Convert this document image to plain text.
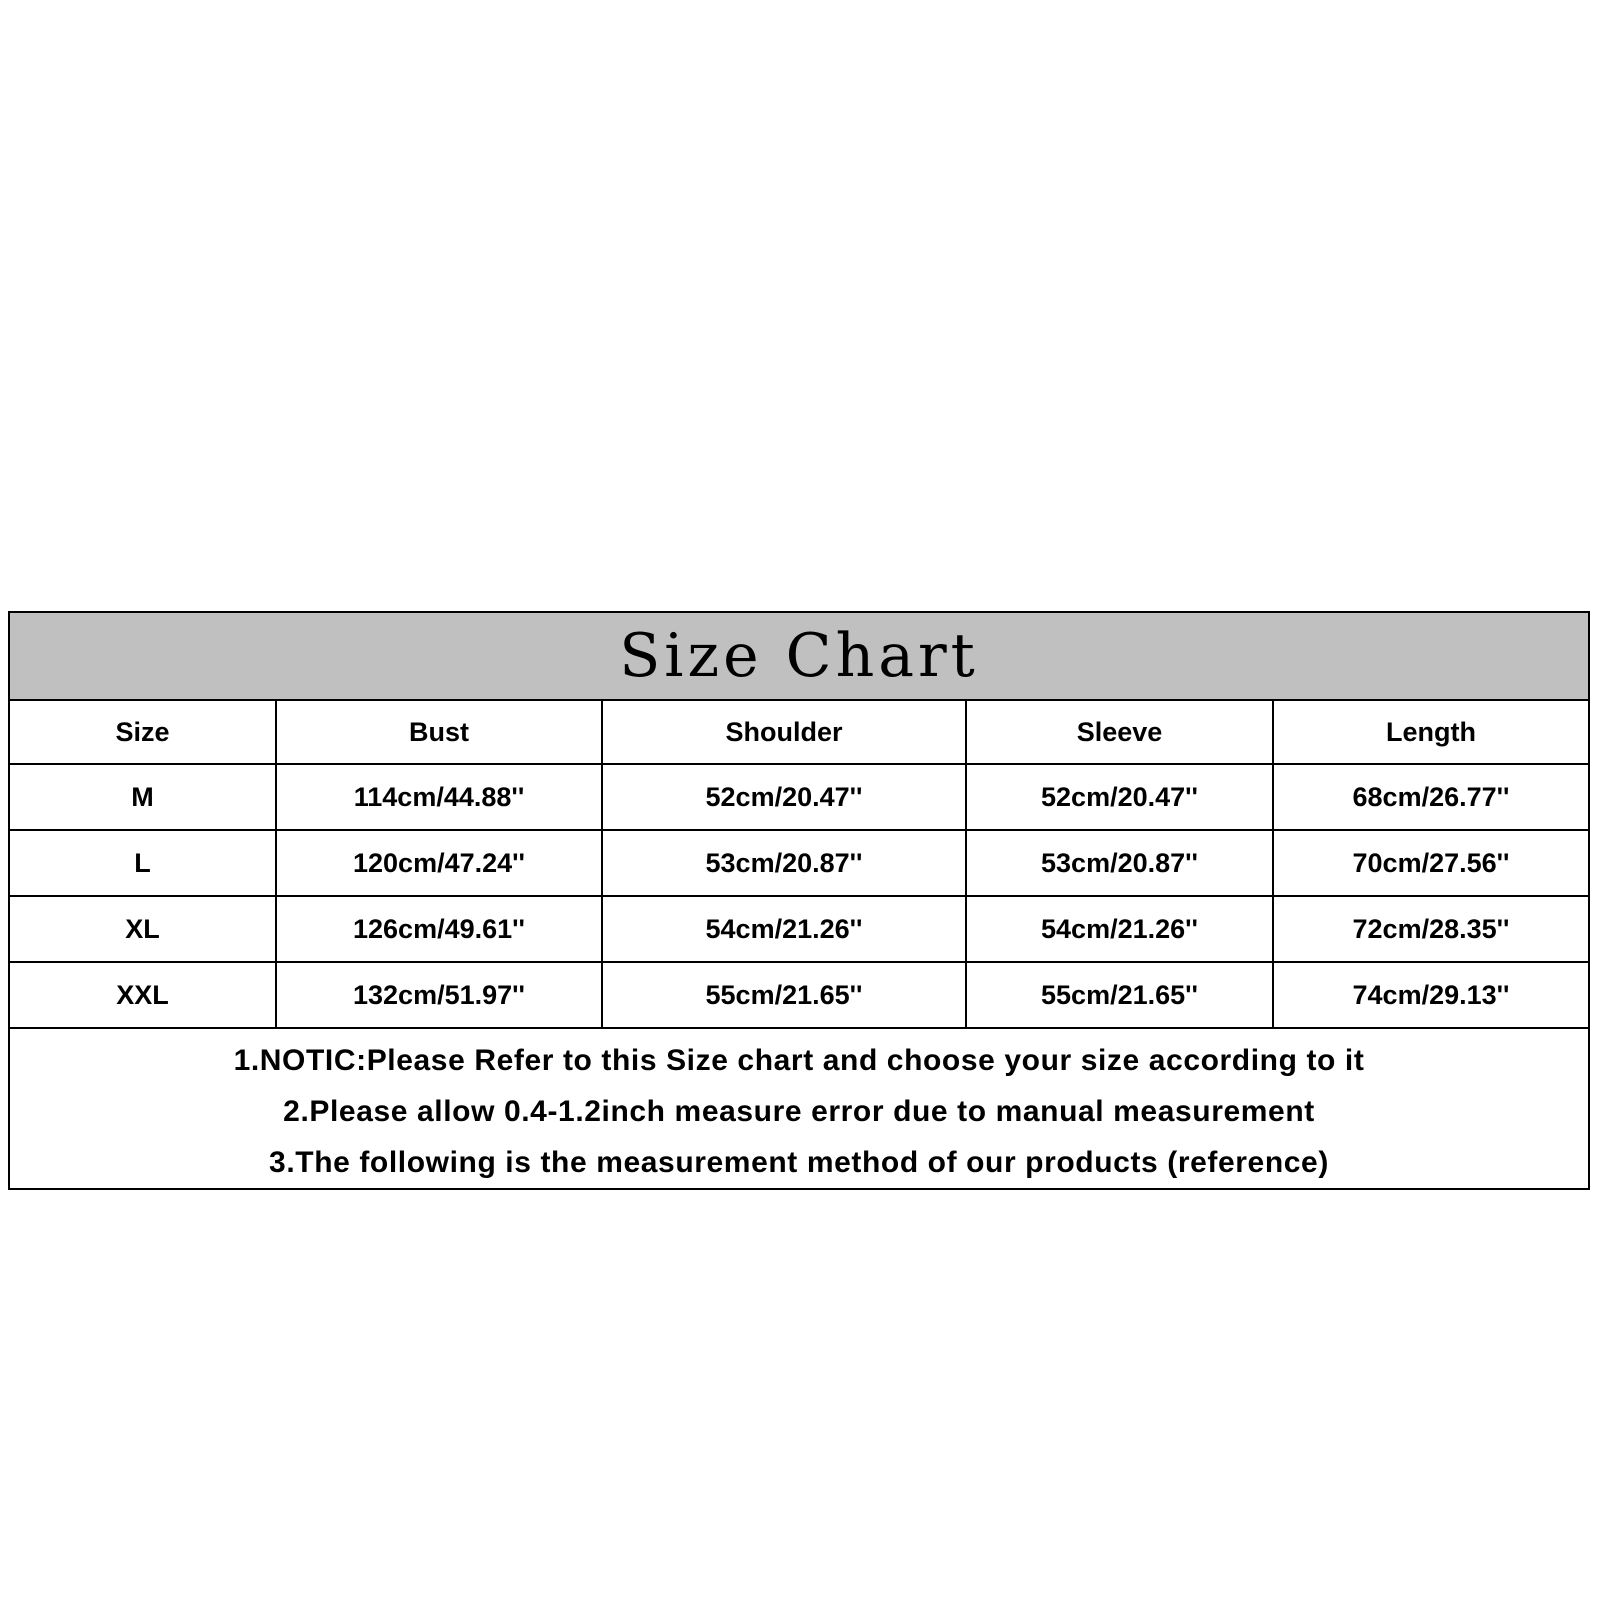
Size Chart
Size	Bust	Shoulder	Sleeve	Length
M	114cm/44.88''	52cm/20.47''	52cm/20.47''	68cm/26.77''
L	120cm/47.24''	53cm/20.87''	53cm/20.87''	70cm/27.56''
XL	126cm/49.61''	54cm/21.26''	54cm/21.26''	72cm/28.35''
XXL	132cm/51.97''	55cm/21.65''	55cm/21.65''	74cm/29.13''
1.NOTIC:Please Refer to this Size chart and choose your size according to it
2.Please allow 0.4-1.2inch measure error due to manual measurement
3.The following is the measurement method of our products (reference)
